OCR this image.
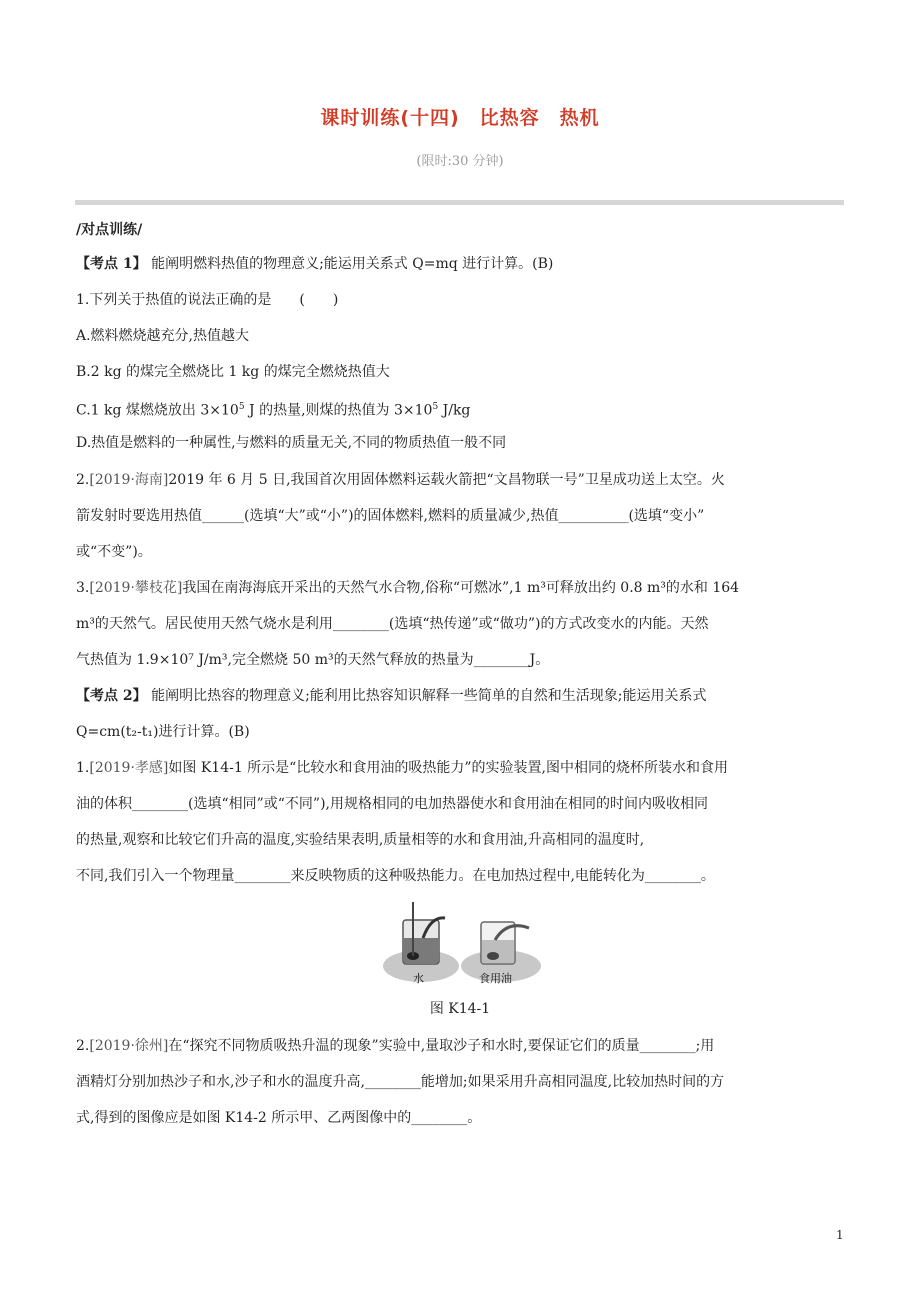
课时训练(十四)　比热容　热机
(限时:30 分钟)
/对点训练/
【考点 1】 能阐明燃料热值的物理意义;能运用关系式 Q=mq 进行计算。(B)
1.下列关于热值的说法正确的是　　(　　)
A.燃料燃烧越充分,热值越大
B.2 kg 的煤完全燃烧比 1 kg 的煤完全燃烧热值大
C.1 kg 煤燃烧放出 $3\times 10^5$ J 的热量,则煤的热值为 $3\times 10^5$ J/kg
D.热值是燃料的一种属性,与燃料的质量无关,不同的物质热值一般不同
2.[2019·海南]2019 年 6 月 5 日,我国首次用固体燃料运载火箭把“文昌物联一号”卫星成功送上太空。火
箭发射时要选用热值______(选填“大”或“小”)的固体燃料,燃料的质量减少,热值__________(选填“变小”
或“不变”)。
3.[2019·攀枝花]我国在南海海底开采出的天然气水合物,俗称“可燃冰”,1 m³可释放出约 0.8 m³的水和 164
m³的天然气。居民使用天然气烧水是利用________(选填“热传递”或“做功”)的方式改变水的内能。天然
气热值为 1.9×10⁷ J/m³,完全燃烧 50 m³的天然气释放的热量为________J。
【考点 2】 能阐明比热容的物理意义;能利用比热容知识解释一些简单的自然和生活现象;能运用关系式
Q=cm(t₂-t₁)进行计算。(B)
1.[2019·孝感]如图 K14-1 所示是“比较水和食用油的吸热能力”的实验装置,图中相同的烧杯所装水和食用
油的体积________(选填“相同”或“不同”),用规格相同的电加热器使水和食用油在相同的时间内吸收相同
的热量,观察和比较它们升高的温度,实验结果表明,质量相等的水和食用油,升高相同的温度时,
不同,我们引入一个物理量________来反映物质的这种吸热能力。在电加热过程中,电能转化为________。
水	食用油
图 K14-1
2.[2019·徐州]在“探究不同物质吸热升温的现象”实验中,量取沙子和水时,要保证它们的质量________;用
酒精灯分别加热沙子和水,沙子和水的温度升高,________能增加;如果采用升高相同温度,比较加热时间的方
式,得到的图像应是如图 K14-2 所示甲、乙两图像中的________。
1
